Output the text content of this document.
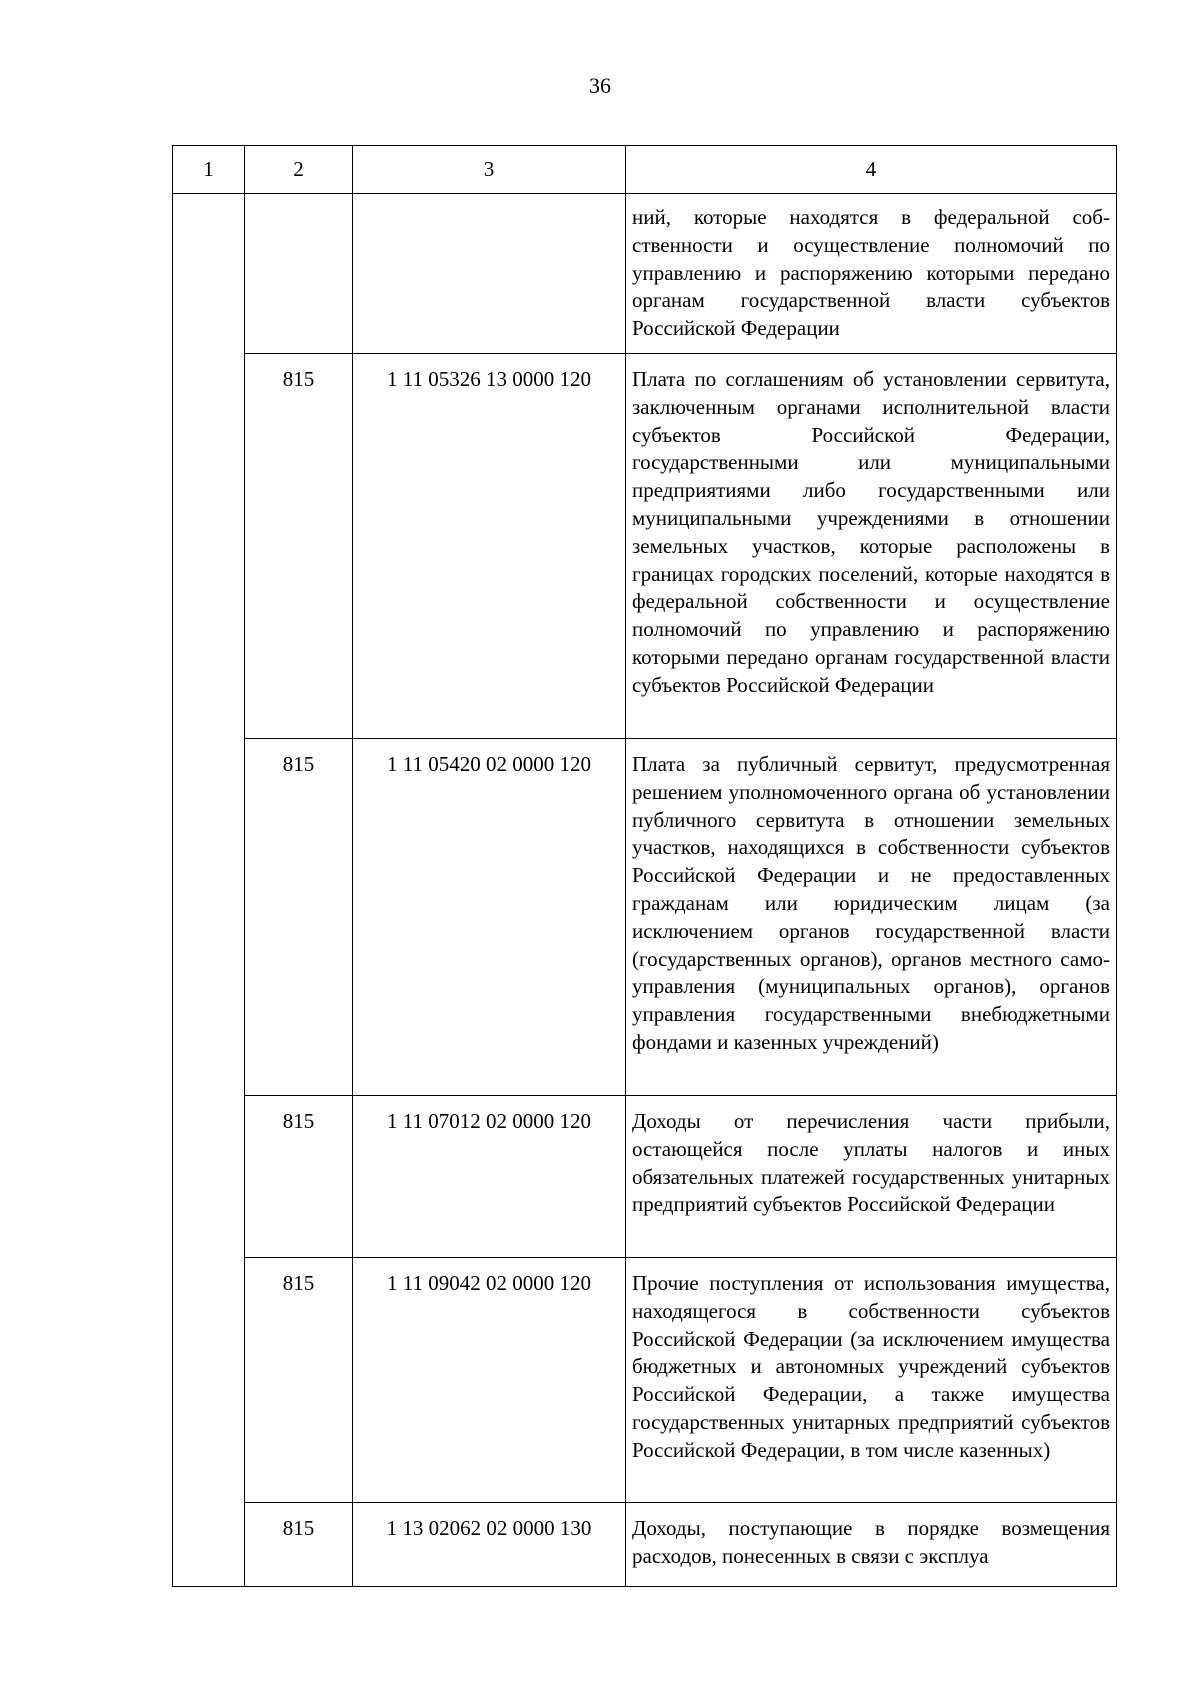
36
1	2	3	4
			ний, которые находятся в федеральной собственности и осуществление полномочий по управлению и распоряжению которыми передано органам государственной власти субъектов Российской Федерации
	815	1 11 05326 13 0000 120	Плата по соглашениям об установлении сервитута, заключенным органами исполнительной власти субъектов Российской Федерации, государственными или муниципальными предприятиями либо государственными или муниципальными учреждениями в отношении земельных участков, которые расположены в границах городских поселений, которые находятся в федеральной собственности и осуществление полномочий по управлению и распоряжению которыми передано органам государственной власти субъектов Российской Федерации
	815	1 11 05420 02 0000 120	Плата за публичный сервитут, предусмотренная решением уполномоченного органа об установлении публичного сервитута в отношении земельных участков, находящихся в собственности субъектов Российской Федерации и не предоставленных гражданам или юридическим лицам (за исключением органов государственной власти (государственных органов), органов местного самоуправления (муниципальных органов), органов управления государственными внебюджетными фондами и казенных учреждений)
	815	1 11 07012 02 0000 120	Доходы от перечисления части прибыли, остающейся после уплаты налогов и иных обязательных платежей государственных унитарных предприятий субъектов Российской Федерации
	815	1 11 09042 02 0000 120	Прочие поступления от использования имущества, находящегося в собственности субъектов Российской Федерации (за исключением имущества бюджетных и автономных учреждений субъектов Российской Федерации, а также имущества государственных унитарных предприятий субъектов Российской Федерации, в том числе казенных)
	815	1 13 02062 02 0000 130	Доходы, поступающие в порядке возмещения расходов, понесенных в связи с эксплуа
